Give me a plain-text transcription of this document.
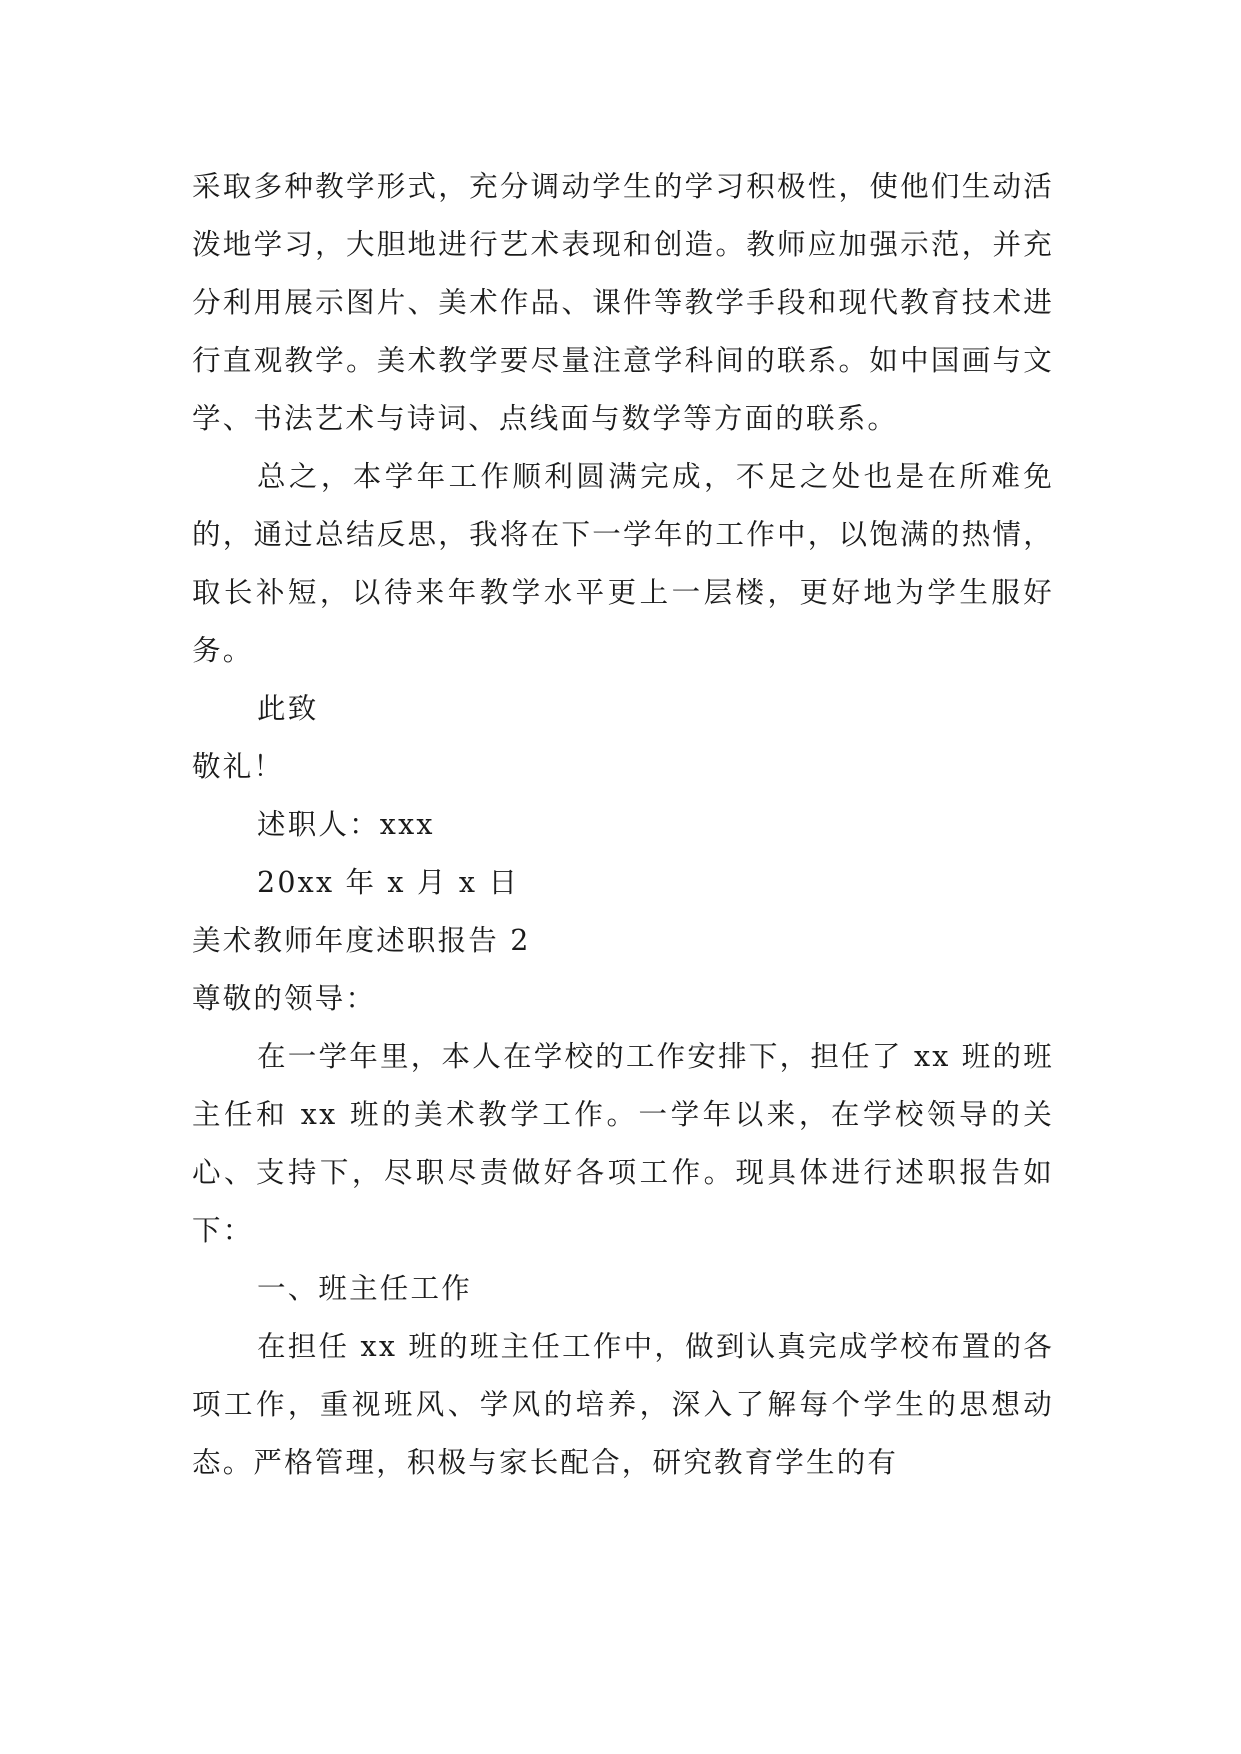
采取多种教学形式，充分调动学生的学习积极性，使他们生动活泼地学习，大胆地进行艺术表现和创造。教师应加强示范，并充分利用展示图片、美术作品、课件等教学手段和现代教育技术进行直观教学。美术教学要尽量注意学科间的联系。如中国画与文学、书法艺术与诗词、点线面与数学等方面的联系。

总之，本学年工作顺利圆满完成，不足之处也是在所难免的，通过总结反思，我将在下一学年的工作中，以饱满的热情，取长补短，以待来年教学水平更上一层楼，更好地为学生服好务。

此致

敬礼！

述职人：xxx

20xx 年 x 月 x 日

美术教师年度述职报告 2

尊敬的领导：

在一学年里，本人在学校的工作安排下，担任了 xx 班的班主任和 xx 班的美术教学工作。一学年以来，在学校领导的关心、支持下，尽职尽责做好各项工作。现具体进行述职报告如下：

一、班主任工作

在担任 xx 班的班主任工作中，做到认真完成学校布置的各项工作，重视班风、学风的培养，深入了解每个学生的思想动态。严格管理，积极与家长配合，研究教育学生的有
